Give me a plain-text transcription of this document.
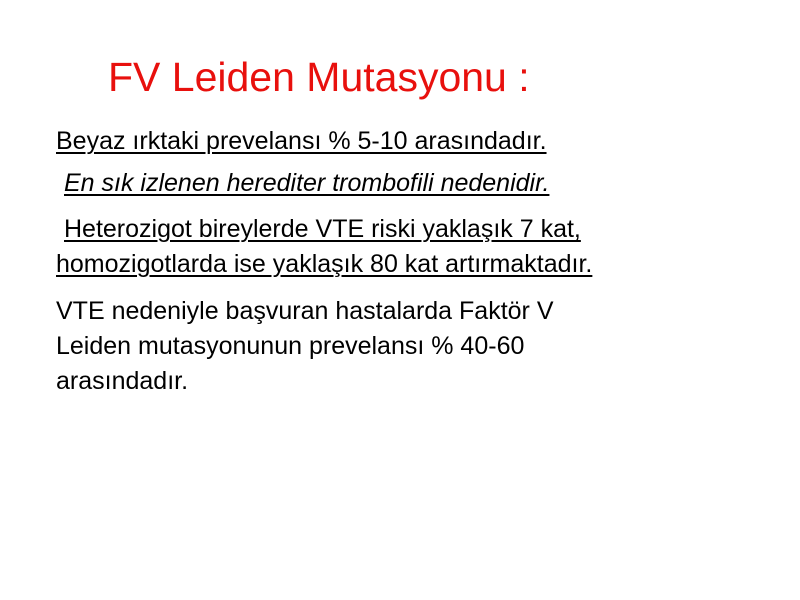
FV Leiden Mutasyonu :

Beyaz ırktaki prevelansı % 5-10 arasındadır.

En sık izlenen herediter trombofili nedenidir.

Heterozigot bireylerde VTE riski yaklaşık 7 kat,
homozigotlarda ise yaklaşık 80 kat artırmaktadır.

VTE nedeniyle başvuran hastalarda Faktör V
Leiden mutasyonunun prevelansı % 40-60
arasındadır.
